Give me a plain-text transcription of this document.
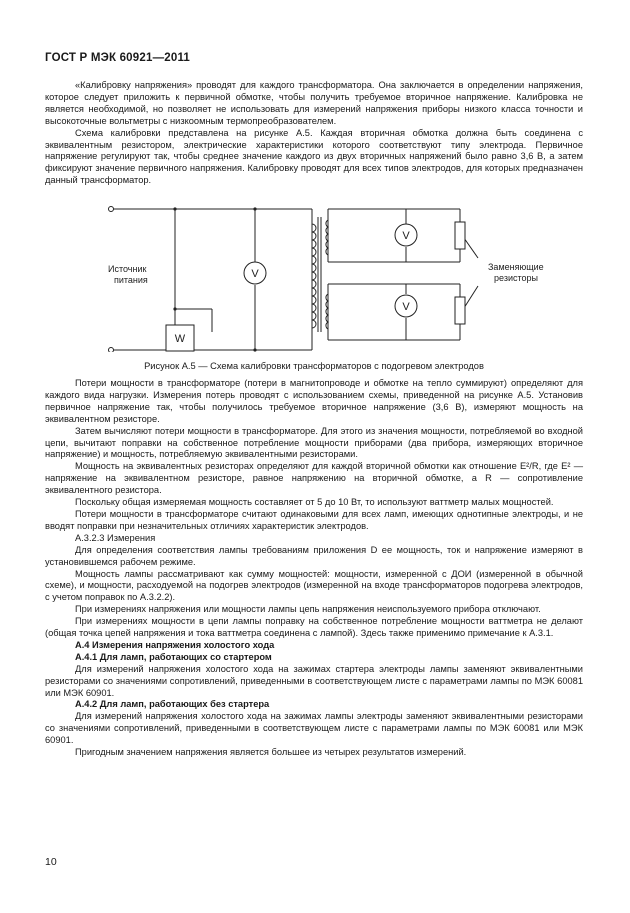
ГОСТ Р МЭК 60921—2011

«Калибровку напряжения» проводят для каждого трансформатора. Она заключается в определении напряжения, которое следует приложить к первичной обмотке, чтобы получить требуемое вторичное напряжение. Калибровка не является необходимой, но позволяет не использовать для измерений напряжения приборы низкого класса точности и высокоточные вольтметры с низкоомным термопреобразователем.

Схема калибровки представлена на рисунке А.5. Каждая вторичная обмотка должна быть соединена с эквивалентным резистором, электрические характеристики которого соответствуют типу электрода. Первичное напряжение регулируют так, чтобы среднее значение каждого из двух вторичных напряжений было равно 3,6 В, а затем фиксируют значение первичного напряжения. Калибровку проводят для всех типов электродов, для которых предназначен данный трансформатор.

V
V
V
W
Источник
питания
Заменяющие
резисторы
Рисунок А.5 — Схема калибровки трансформаторов с подогревом электродов

Потери мощности в трансформаторе (потери в магнитопроводе и обмотке на тепло суммируют) определяют для каждого вида нагрузки. Измерения потерь проводят с использованием схемы, приведенной на рисунке А.5. Установив первичное напряжение так, чтобы получилось требуемое вторичное напряжение (3,6 В), измеряют мощность на эквивалентном резисторе.

Затем вычисляют потери мощности в трансформаторе. Для этого из значения мощности, потребляемой во входной цепи, вычитают поправки на собственное потребление мощности приборами (два прибора, измеряющих вторичное напряжение) и мощность, потребляемую эквивалентными резисторами.

Мощность на эквивалентных резисторах определяют для каждой вторичной обмотки как отношение E²/R, где E² — напряжение на эквивалентном резисторе, равное напряжению на вторичной обмотке, а R — сопротивление эквивалентного резистора.

Поскольку общая измеряемая мощность составляет от 5 до 10 Вт, то используют ваттметр малых мощностей.

Потери мощности в трансформаторе считают одинаковыми для всех ламп, имеющих однотипные электроды, и не вводят поправки при незначительных отличиях характеристик электродов.

А.3.2.3 Измерения

Для определения соответствия лампы требованиям приложения D ее мощность, ток и напряжение измеряют в установившемся рабочем режиме.

Мощность лампы рассматривают как сумму мощностей: мощности, измеренной с ДОИ (измеренной в обычной схеме), и мощности, расходуемой на подогрев электродов (измеренной на входе трансформаторов подогрева электродов, с учетом поправок по А.3.2.2).

При измерениях напряжения или мощности лампы цепь напряжения неиспользуемого прибора отключают.

При измерениях мощности в цепи лампы поправку на собственное потребление мощности ваттметра не делают (общая точка цепей напряжения и тока ваттметра соединена с лампой). Здесь также применимо примечание к А.3.1.

А.4 Измерения напряжения холостого хода

А.4.1 Для ламп, работающих со стартером

Для измерений напряжения холостого хода на зажимах стартера электроды лампы заменяют эквивалентными резисторами со значениями сопротивлений, приведенными в соответствующем листе с параметрами лампы по МЭК 60081 или МЭК 60901.

А.4.2 Для ламп, работающих без стартера

Для измерений напряжения холостого хода на зажимах лампы электроды заменяют эквивалентными резисторами со значениями сопротивлений, приведенными в соответствующем листе с параметрами лампы по МЭК 60081 или МЭК 60901.

Пригодным значением напряжения является большее из четырех результатов измерений.

10
